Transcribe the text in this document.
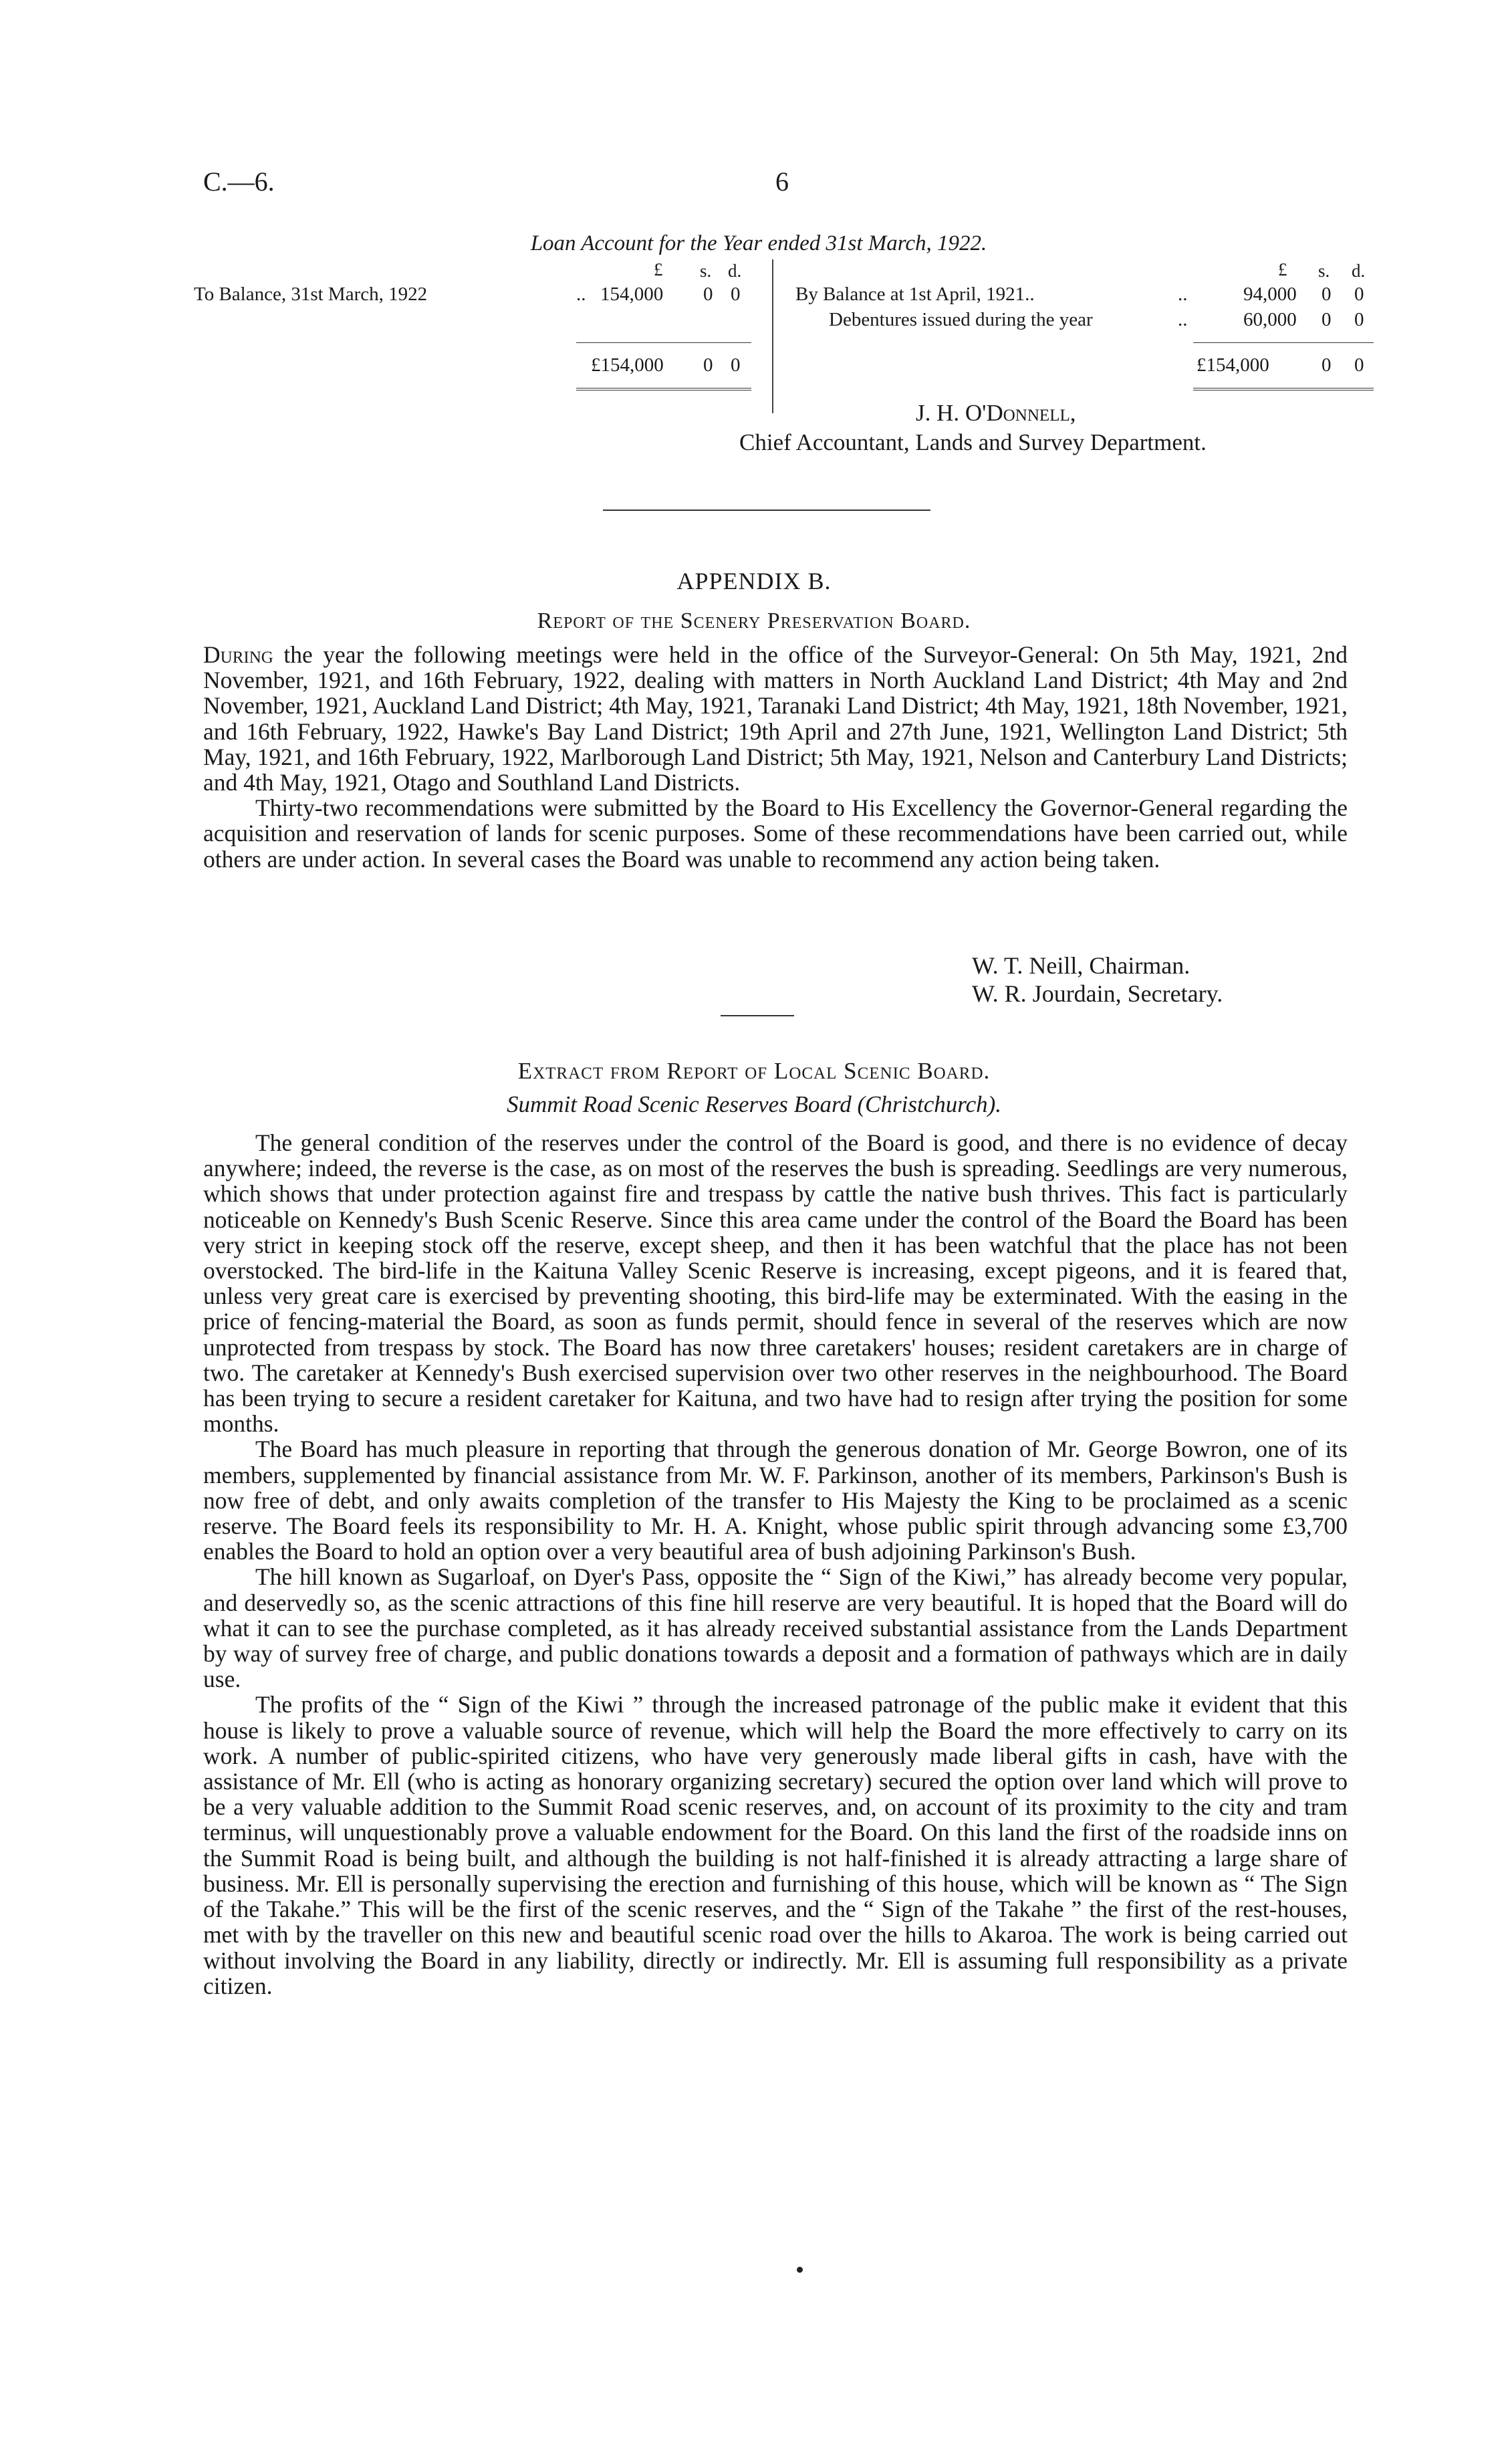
C.—6.	6
Loan Account for the Year ended 31st March, 1922.
£ s. d.	£ s. d.
To Balance, 31st March, 1922	.. 154,000 0 0
£154,000 0 0
By Balance at 1st April, 1921..	..	94,000 0 0
Debentures issued during the year	..	60,000 0 0
£154,000	0 0
J. H. O'Donnell,
Chief Accountant, Lands and Survey Department.
APPENDIX B.
Report of the Scenery Preservation Board.

During the year the following meetings were held in the office of the Surveyor-General: On 5th May, 1921, 2nd November, 1921, and 16th February, 1922, dealing with matters in North Auckland Land District; 4th May and 2nd November, 1921, Auckland Land District; 4th May, 1921, Taranaki Land District; 4th May, 1921, 18th November, 1921, and 16th February, 1922, Hawke's Bay Land District; 19th April and 27th June, 1921, Wellington Land District; 5th May, 1921, and 16th February, 1922, Marlborough Land District; 5th May, 1921, Nelson and Canterbury Land Districts; and 4th May, 1921, Otago and Southland Land Districts.

Thirty-two recommendations were submitted by the Board to His Excellency the Governor-General regarding the acquisition and reservation of lands for scenic purposes. Some of these recommendations have been carried out, while others are under action. In several cases the Board was unable to recommend any action being taken.

W. T. Neill, Chairman.
W. R. Jourdain, Secretary.
Extract from Report of Local Scenic Board.
Summit Road Scenic Reserves Board (Christchurch).

The general condition of the reserves under the control of the Board is good, and there is no evidence of decay anywhere; indeed, the reverse is the case, as on most of the reserves the bush is spreading. Seedlings are very numerous, which shows that under protection against fire and trespass by cattle the native bush thrives. This fact is particularly noticeable on Kennedy's Bush Scenic Reserve. Since this area came under the control of the Board the Board has been very strict in keeping stock off the reserve, except sheep, and then it has been watchful that the place has not been overstocked. The bird-life in the Kaituna Valley Scenic Reserve is increasing, except pigeons, and it is feared that, unless very great care is exercised by preventing shooting, this bird-life may be exterminated. With the easing in the price of fencing-material the Board, as soon as funds permit, should fence in several of the reserves which are now unprotected from trespass by stock. The Board has now three caretakers' houses; resident caretakers are in charge of two. The caretaker at Kennedy's Bush exercised supervision over two other reserves in the neighbourhood. The Board has been trying to secure a resident caretaker for Kaituna, and two have had to resign after trying the position for some months.

The Board has much pleasure in reporting that through the generous donation of Mr. George Bowron, one of its members, supplemented by financial assistance from Mr. W. F. Parkinson, another of its members, Parkinson's Bush is now free of debt, and only awaits completion of the transfer to His Majesty the King to be proclaimed as a scenic reserve. The Board feels its responsibility to Mr. H. A. Knight, whose public spirit through advancing some £3,700 enables the Board to hold an option over a very beautiful area of bush adjoining Parkinson's Bush.

The hill known as Sugarloaf, on Dyer's Pass, opposite the “ Sign of the Kiwi,” has already become very popular, and deservedly so, as the scenic attractions of this fine hill reserve are very beautiful. It is hoped that the Board will do what it can to see the purchase completed, as it has already received substantial assistance from the Lands Department by way of survey free of charge, and public donations towards a deposit and a formation of pathways which are in daily use.

The profits of the “ Sign of the Kiwi ” through the increased patronage of the public make it evident that this house is likely to prove a valuable source of revenue, which will help the Board the more effectively to carry on its work. A number of public-spirited citizens, who have very generously made liberal gifts in cash, have with the assistance of Mr. Ell (who is acting as honorary organizing secretary) secured the option over land which will prove to be a very valuable addition to the Summit Road scenic reserves, and, on account of its proximity to the city and tram terminus, will unquestionably prove a valuable endowment for the Board. On this land the first of the roadside inns on the Summit Road is being built, and although the building is not half-finished it is already attracting a large share of business. Mr. Ell is personally supervising the erection and furnishing of this house, which will be known as “ The Sign of the Takahe.” This will be the first of the scenic reserves, and the “ Sign of the Takahe ” the first of the rest-houses, met with by the traveller on this new and beautiful scenic road over the hills to Akaroa. The work is being carried out without involving the Board in any liability, directly or indirectly. Mr. Ell is assuming full responsibility as a private citizen.
